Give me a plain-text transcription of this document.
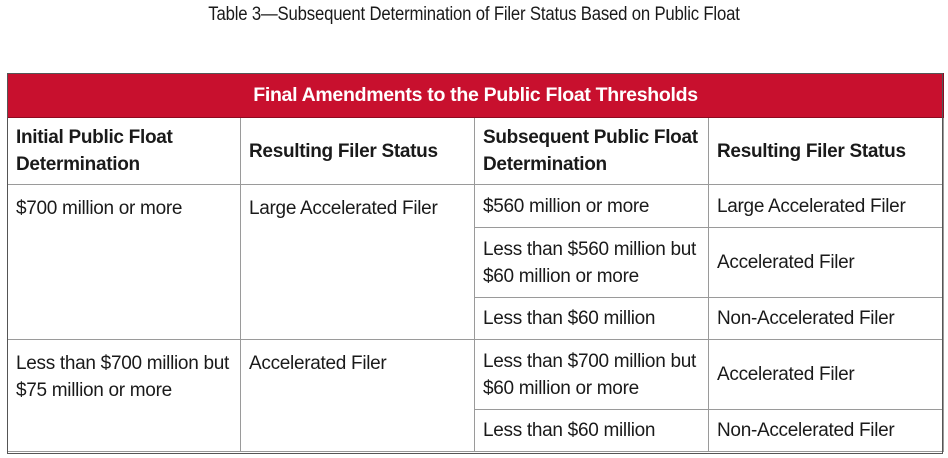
Table 3—Subsequent Determination of Filer Status Based on Public Float
Final Amendments to the Public Float Thresholds			
Initial Public Float Determination	Resulting Filer Status	Subsequent Public Float Determination	Resulting Filer Status
$700 million or more	Large Accelerated Filer	$560 million or more	Large Accelerated Filer
		Less than $560 million but $60 million or more	Accelerated Filer
		Less than $60 million	Non-Accelerated Filer
Less than $700 million but $75 million or more	Accelerated Filer	Less than $700 million but $60 million or more	Accelerated Filer
		Less than $60 million	Non-Accelerated Filer
